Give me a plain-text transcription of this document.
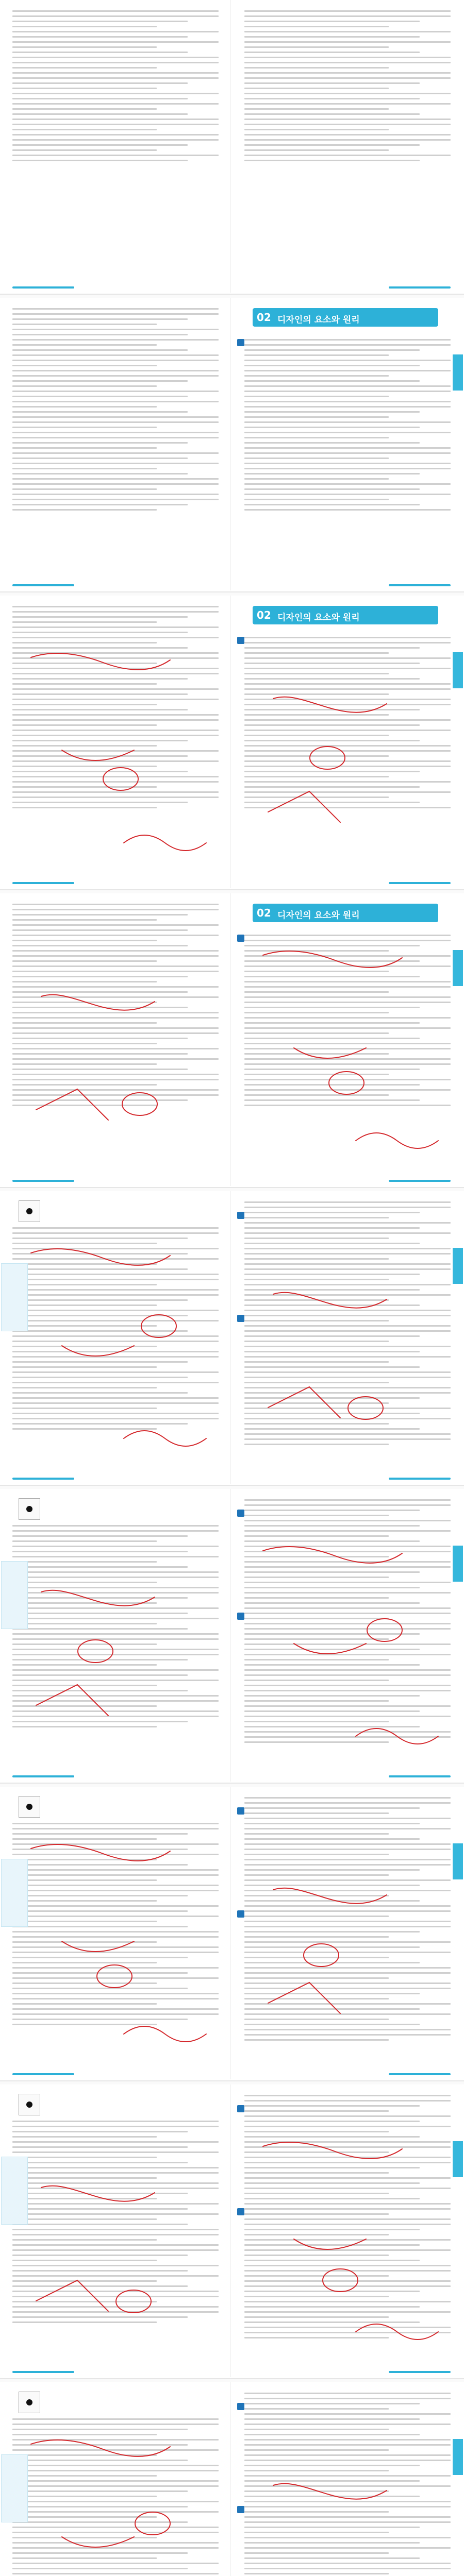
02 디자인의 요소와 원리
02 디자인의 요소와 원리
02 디자인의 요소와 원리
